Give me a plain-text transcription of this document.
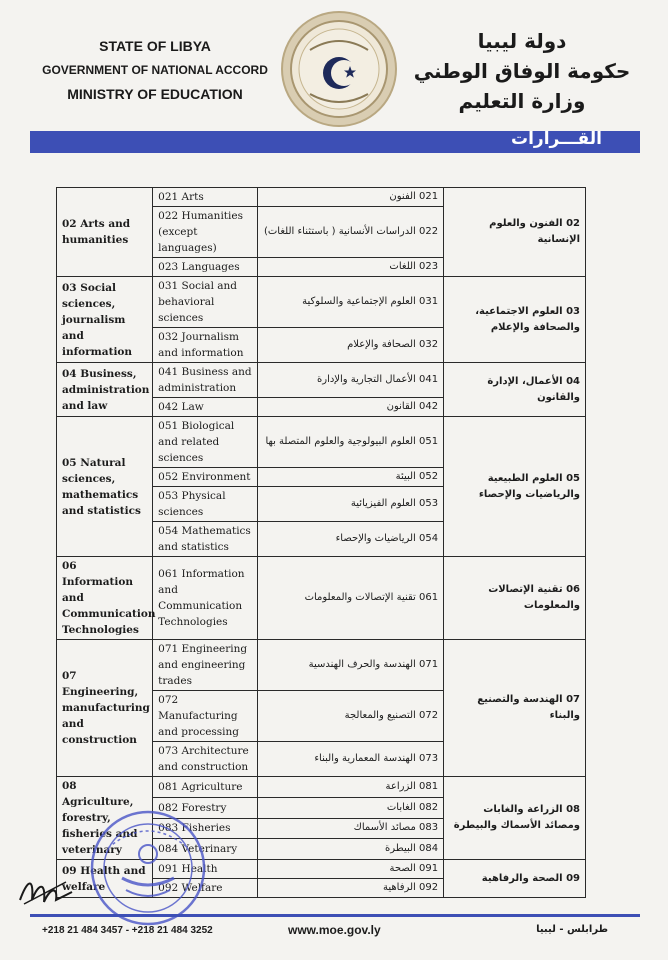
STATE OF LIBYA
GOVERNMENT OF NATIONAL ACCORD
MINISTRY OF EDUCATION
دولة ليبيا
حكومة الوفاق الوطني
وزارة التعليم
القـــرارات
02 Arts and humanities	021 Arts	021 الفنون	02 الفنون والعلوم الإنسانية
	022 Humanities (except languages)	022 الدراسات الأنسانية ( باستثناء اللغات)	
	023 Languages	023 اللغات	
03 Social sciences, journalism and information	031 Social and behavioral sciences	031 العلوم الإجتماعية والسلوكية	03 العلوم الاجتماعية، والصحافة والإعلام
	032 Journalism and information	032 الصحافة والإعلام	
04 Business, administration and law	041 Business and administration	041 الأعمال التجارية والإدارة	04 الأعمال، الإدارة والقانون
	042 Law	042 القانون	
05 Natural sciences, mathematics and statistics	051 Biological and related sciences	051 العلوم البيولوجية والعلوم المتصلة بها	05 العلوم الطبيعية والرياضيات والإحصاء
	052 Environment	052 البيئة	
	053 Physical sciences	053 العلوم الفيزيائية	
	054 Mathematics and statistics	054 الرياضيات والإحصاء	
06 Information and Communication Technologies	061 Information and Communication Technologies	061 تقنية الإتصالات والمعلومات	06 تقنية الإتصالات والمعلومات
07 Engineering, manufacturing and construction	071 Engineering and engineering trades	071 الهندسة والحرف الهندسية	07 الهندسة والتصنيع والبناء
	072 Manufacturing and processing	072 التصنيع والمعالجة	
	073 Architecture and construction	073 الهندسة المعمارية والبناء	
08 Agriculture, forestry, fisheries and veterinary	081 Agriculture	081 الزراعة	08 الزراعة والغابات ومصائد الأسماك والبيطرة
	082 Forestry	082 الغابات	
	083 Fisheries	083 مصائد الأسماك	
	084 Veterinary	084 البيطرة	
09 Health and welfare	091 Health	091 الصحة	09 الصحة والرفاهية
	092 Welfare	092 الرفاهية	
+218 21 484 3457 - +218 21 484 3252	www.moe.gov.ly	طرابلس - ليبيا
